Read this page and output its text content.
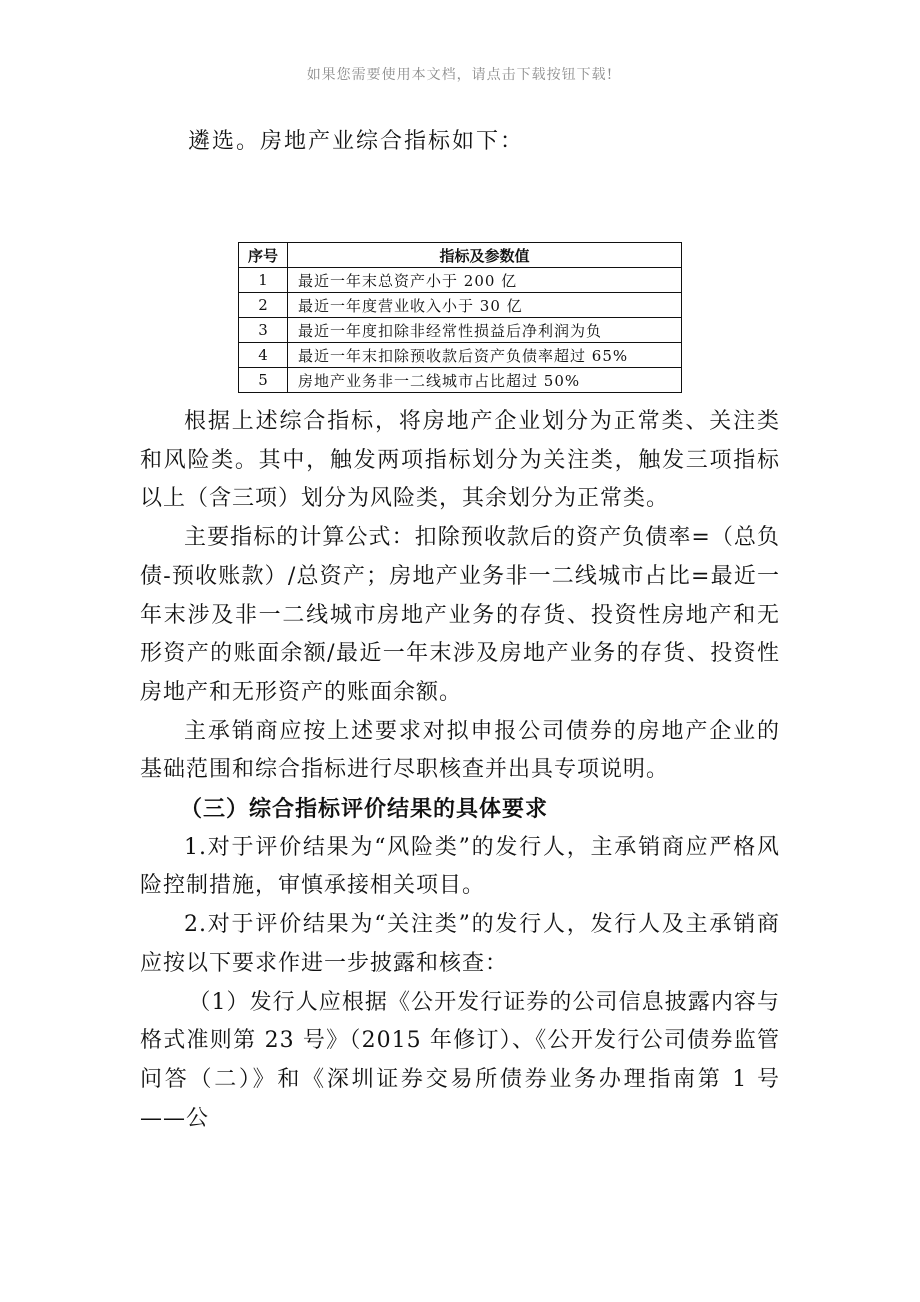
如果您需要使用本文档，请点击下载按钮下载!
遴选。房地产业综合指标如下：
序号	指标及参数值
1	最近一年末总资产小于 200 亿
2	最近一年度营业收入小于 30 亿
3	最近一年度扣除非经常性损益后净利润为负
4	最近一年末扣除预收款后资产负债率超过 65%
5	房地产业务非一二线城市占比超过 50%

根据上述综合指标，将房地产企业划分为正常类、关注类和风险类。其中，触发两项指标划分为关注类，触发三项指标以上（含三项）划分为风险类，其余划分为正常类。

主要指标的计算公式：扣除预收款后的资产负债率=（总负债-预收账款）/总资产；房地产业务非一二线城市占比=最近一年末涉及非一二线城市房地产业务的存货、投资性房地产和无形资产的账面余额/最近一年末涉及房地产业务的存货、投资性房地产和无形资产的账面余额。

主承销商应按上述要求对拟申报公司债券的房地产企业的基础范围和综合指标进行尽职核查并出具专项说明。

（三）综合指标评价结果的具体要求

1.对于评价结果为“风险类”的发行人，主承销商应严格风险控制措施，审慎承接相关项目。

2.对于评价结果为“关注类”的发行人，发行人及主承销商应按以下要求作进一步披露和核查：

（1）发行人应根据《公开发行证券的公司信息披露内容与格式准则第 23 号》（2015 年修订）、《公开发行公司债券监管问答（二）》和《深圳证券交易所债券业务办理指南第 1 号——公
